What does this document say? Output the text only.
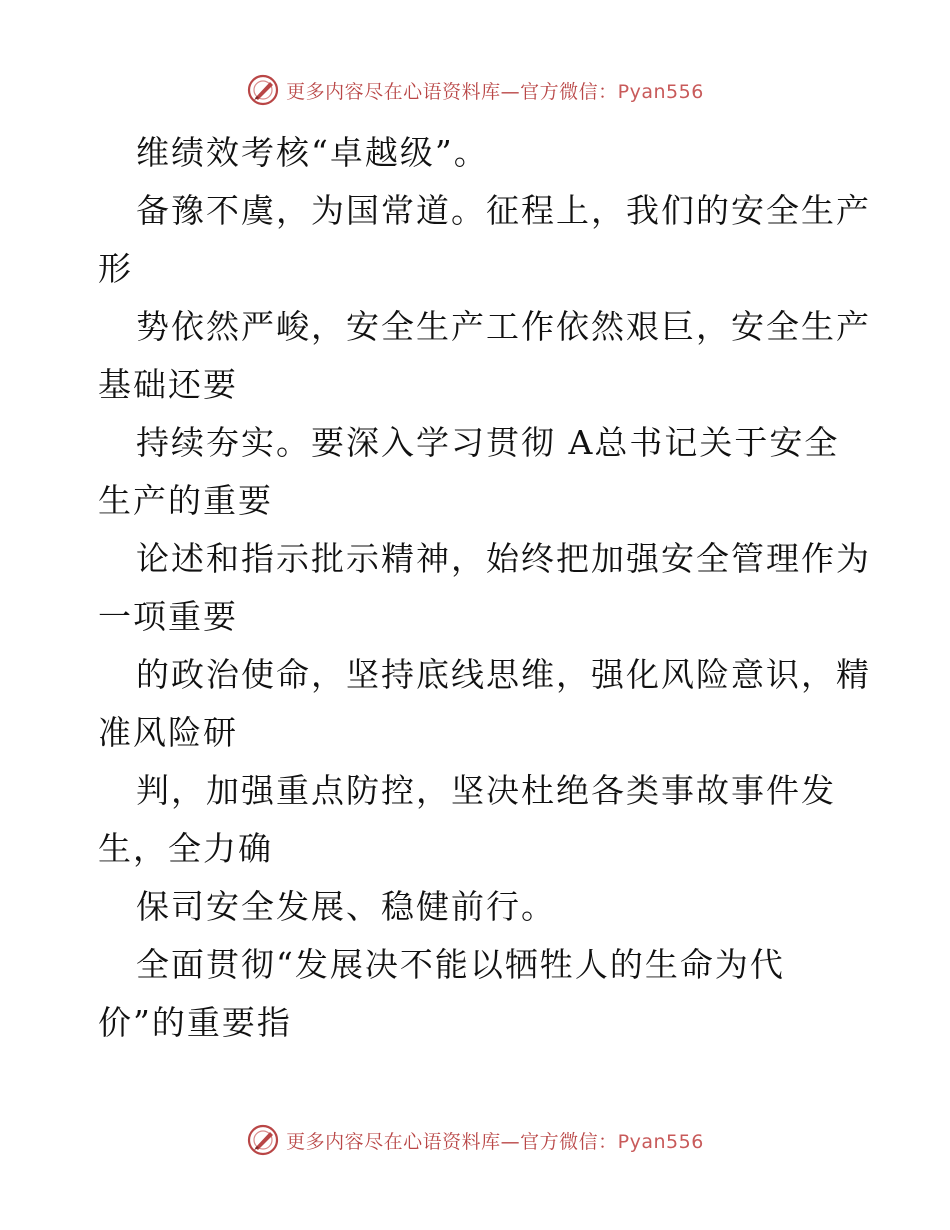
更多内容尽在心语资料库—官方微信：Pyan556
维绩效考核“卓越级”。
备豫不虞，为国常道。征程上，我们的安全生产
形
势依然严峻，安全生产工作依然艰巨，安全生产
基础还要
持续夯实。要深入学习贯彻 A总书记关于安全
生产的重要
论述和指示批示精神，始终把加强安全管理作为
一项重要
的政治使命，坚持底线思维，强化风险意识，精
准风险研
判，加强重点防控，坚决杜绝各类事故事件发
生，全力确
保司安全发展、稳健前行。
全面贯彻“发展决不能以牺牲人的生命为代
价”的重要指
更多内容尽在心语资料库—官方微信：Pyan556
